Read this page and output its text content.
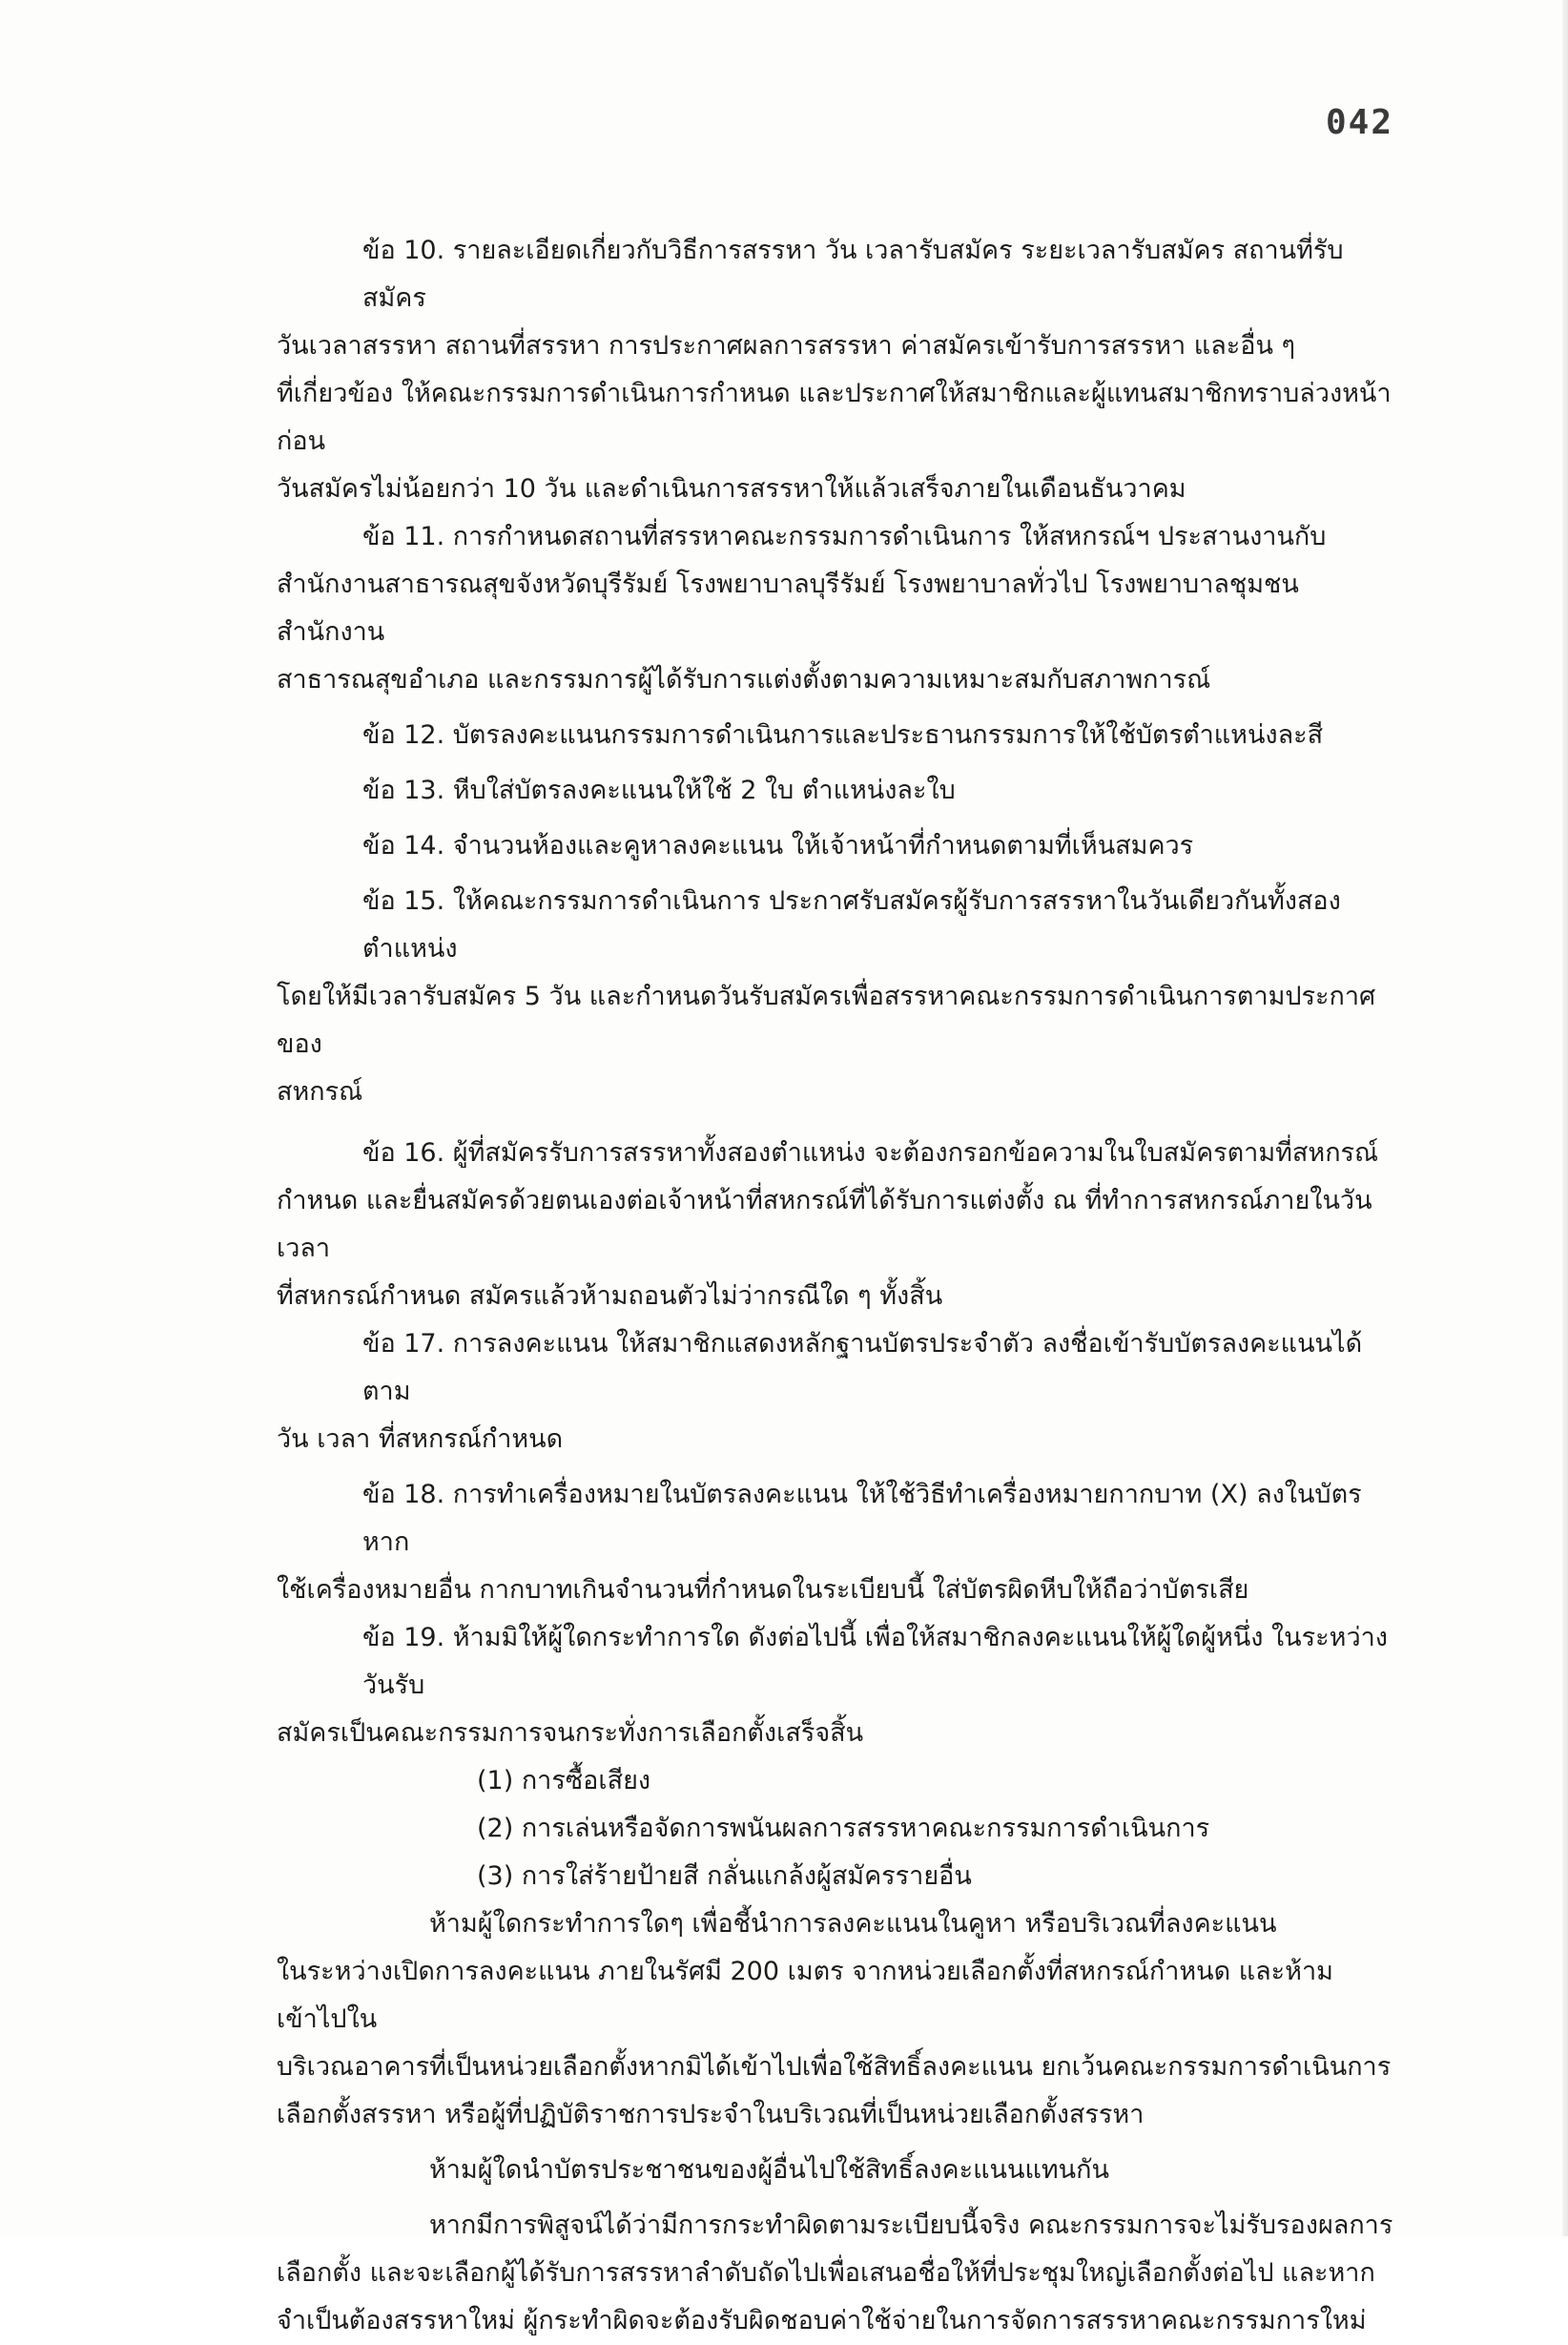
042
ข้อ 10. รายละเอียดเกี่ยวกับวิธีการสรรหา วัน เวลารับสมัคร ระยะเวลารับสมัคร สถานที่รับสมัคร
วันเวลาสรรหา สถานที่สรรหา การประกาศผลการสรรหา ค่าสมัครเข้ารับการสรรหา และอื่น ๆ
ที่เกี่ยวข้อง ให้คณะกรรมการดำเนินการกำหนด และประกาศให้สมาชิกและผู้แทนสมาชิกทราบล่วงหน้าก่อน
วันสมัครไม่น้อยกว่า 10 วัน และดำเนินการสรรหาให้แล้วเสร็จภายในเดือนธันวาคม
ข้อ 11. การกำหนดสถานที่สรรหาคณะกรรมการดำเนินการ ให้สหกรณ์ฯ ประสานงานกับ
สำนักงานสาธารณสุขจังหวัดบุรีรัมย์ โรงพยาบาลบุรีรัมย์ โรงพยาบาลทั่วไป โรงพยาบาลชุมชน สำนักงาน
สาธารณสุขอำเภอ และกรรมการผู้ได้รับการแต่งตั้งตามความเหมาะสมกับสภาพการณ์
ข้อ 12. บัตรลงคะแนนกรรมการดำเนินการและประธานกรรมการให้ใช้บัตรตำแหน่งละสี
ข้อ 13. หีบใส่บัตรลงคะแนนให้ใช้ 2 ใบ ตำแหน่งละใบ
ข้อ 14. จำนวนห้องและคูหาลงคะแนน ให้เจ้าหน้าที่กำหนดตามที่เห็นสมควร
ข้อ 15. ให้คณะกรรมการดำเนินการ ประกาศรับสมัครผู้รับการสรรหาในวันเดียวกันทั้งสองตำแหน่ง
โดยให้มีเวลารับสมัคร 5 วัน และกำหนดวันรับสมัครเพื่อสรรหาคณะกรรมการดำเนินการตามประกาศของ
สหกรณ์
ข้อ 16. ผู้ที่สมัครรับการสรรหาทั้งสองตำแหน่ง จะต้องกรอกข้อความในใบสมัครตามที่สหกรณ์
กำหนด และยื่นสมัครด้วยตนเองต่อเจ้าหน้าที่สหกรณ์ที่ได้รับการแต่งตั้ง ณ ที่ทำการสหกรณ์ภายในวัน เวลา
ที่สหกรณ์กำหนด สมัครแล้วห้ามถอนตัวไม่ว่ากรณีใด ๆ ทั้งสิ้น
ข้อ 17. การลงคะแนน ให้สมาชิกแสดงหลักฐานบัตรประจำตัว ลงชื่อเข้ารับบัตรลงคะแนนได้ ตาม
วัน เวลา ที่สหกรณ์กำหนด
ข้อ 18. การทำเครื่องหมายในบัตรลงคะแนน ให้ใช้วิธีทำเครื่องหมายกากบาท (X) ลงในบัตร หาก
ใช้เครื่องหมายอื่น กากบาทเกินจำนวนที่กำหนดในระเบียบนี้ ใส่บัตรผิดหีบให้ถือว่าบัตรเสีย
ข้อ 19. ห้ามมิให้ผู้ใดกระทำการใด ดังต่อไปนี้ เพื่อให้สมาชิกลงคะแนนให้ผู้ใดผู้หนึ่ง ในระหว่างวันรับ
สมัครเป็นคณะกรรมการจนกระทั่งการเลือกตั้งเสร็จสิ้น
(1) การซื้อเสียง
(2) การเล่นหรือจัดการพนันผลการสรรหาคณะกรรมการดำเนินการ
(3) การใส่ร้ายป้ายสี กลั่นแกล้งผู้สมัครรายอื่น
ห้ามผู้ใดกระทำการใดๆ เพื่อชี้นำการลงคะแนนในคูหา หรือบริเวณที่ลงคะแนน
ในระหว่างเปิดการลงคะแนน ภายในรัศมี 200 เมตร จากหน่วยเลือกตั้งที่สหกรณ์กำหนด และห้ามเข้าไปใน
บริเวณอาคารที่เป็นหน่วยเลือกตั้งหากมิได้เข้าไปเพื่อใช้สิทธิ์ลงคะแนน ยกเว้นคณะกรรมการดำเนินการ
เลือกตั้งสรรหา หรือผู้ที่ปฏิบัติราชการประจำในบริเวณที่เป็นหน่วยเลือกตั้งสรรหา
ห้ามผู้ใดนำบัตรประชาชนของผู้อื่นไปใช้สิทธิ์ลงคะแนนแทนกัน
หากมีการพิสูจน์ได้ว่ามีการกระทำผิดตามระเบียบนี้จริง คณะกรรมการจะไม่รับรองผลการ
เลือกตั้ง และจะเลือกผู้ได้รับการสรรหาลำดับถัดไปเพื่อเสนอชื่อให้ที่ประชุมใหญ่เลือกตั้งต่อไป และหาก
จำเป็นต้องสรรหาใหม่ ผู้กระทำผิดจะต้องรับผิดชอบค่าใช้จ่ายในการจัดการสรรหาคณะกรรมการใหม่
